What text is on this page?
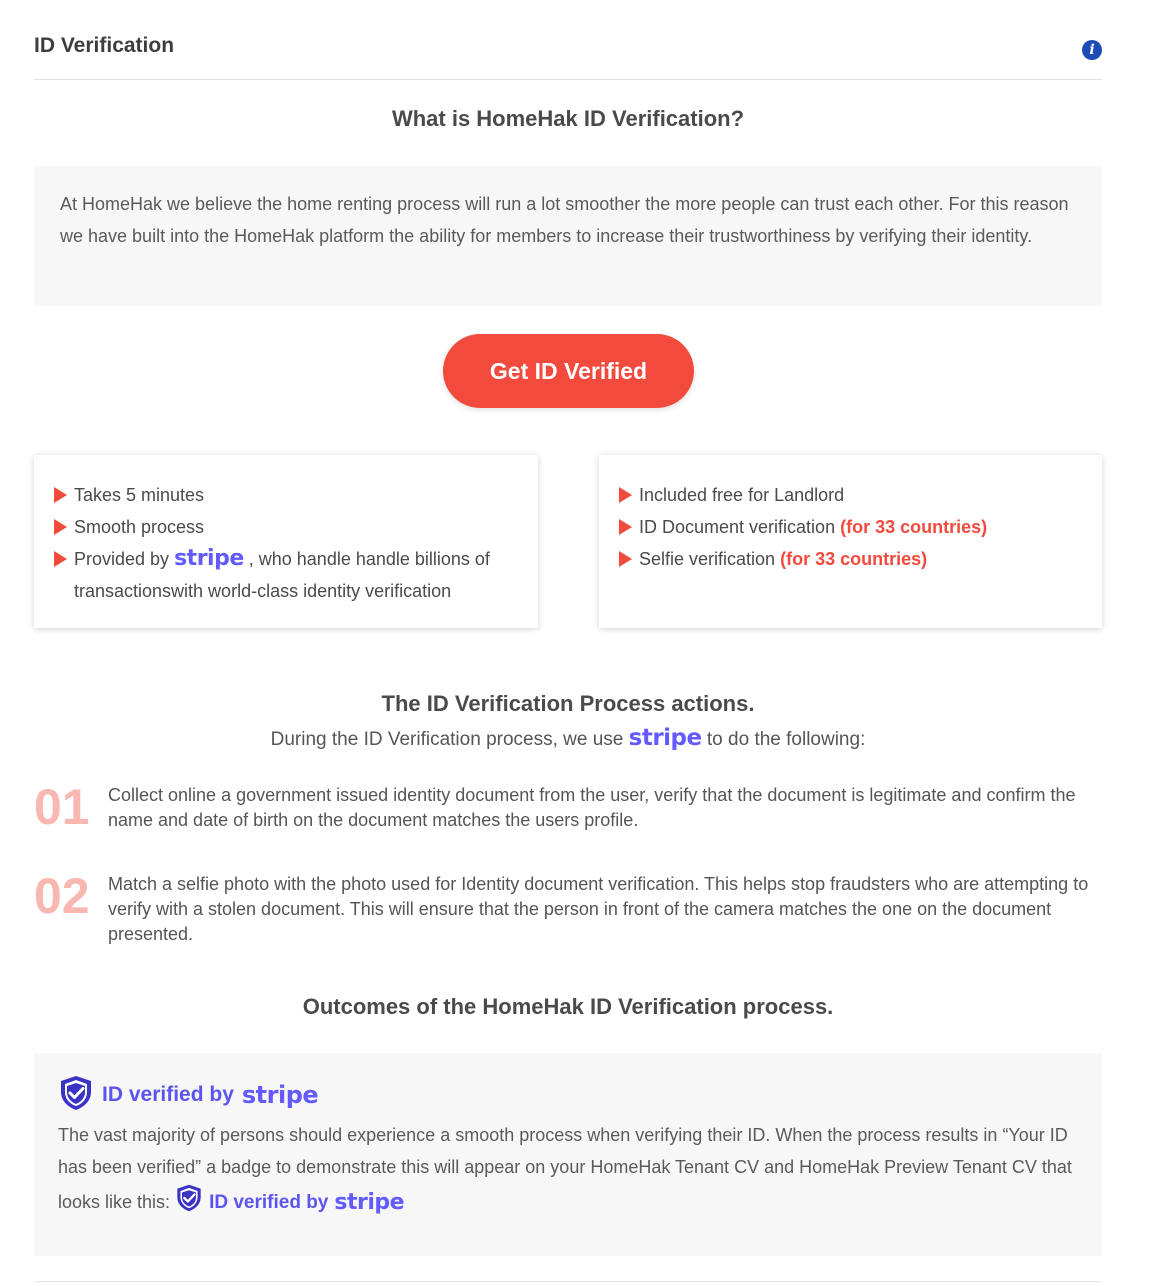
ID Verification	i
What is HomeHak ID Verification?
At HomeHak we believe the home renting process will run a lot smoother the more people can trust each other. For this reason we have built into the HomeHak platform the ability for members to increase their trustworthiness by verifying their identity.
Get ID Verified
Takes 5 minutes
Smooth process
Provided by stripe , who handle handle billions of transactionswith world-class identity verification
Included free for Landlord
ID Document verification (for 33 countries)
Selfie verification (for 33 countries)
The ID Verification Process actions.
During the ID Verification process, we use stripe to do the following:
01 Collect online a government issued identity document from the user, verify that the document is legitimate and confirm the name and date of birth on the document matches the users profile.
02 Match a selfie photo with the photo used for Identity document verification. This helps stop fraudsters who are attempting to verify with a stolen document. This will ensure that the person in front of the camera matches the one on the document presented.
Outcomes of the HomeHak ID Verification process.
ID verified by stripe
The vast majority of persons should experience a smooth process when verifying their ID. When the process results in “Your ID has been verified” a badge to demonstrate this will appear on your HomeHak Tenant CV and HomeHak Preview Tenant CV that looks like this: ID verified by stripe
